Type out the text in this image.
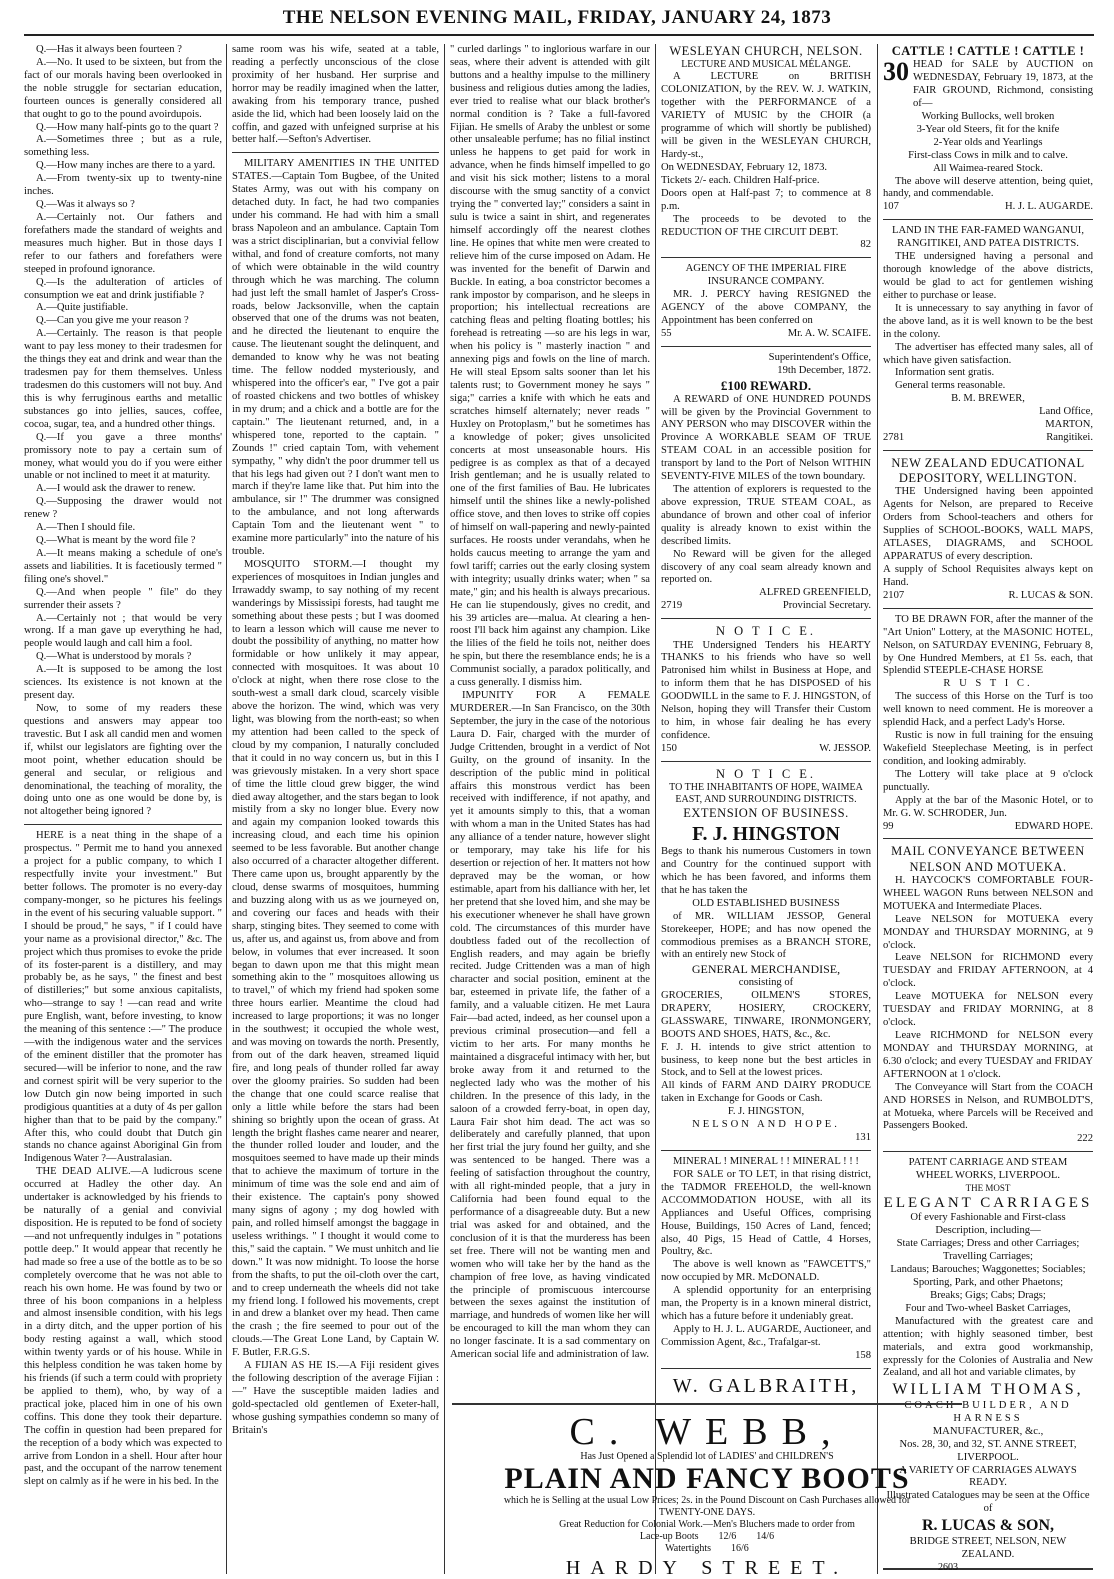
THE NELSON EVENING MAIL, FRIDAY, JANUARY 24, 1873

Q.—Has it always been fourteen ?

A.—No. It used to be sixteen, but from the fact of our morals having been overlooked in the noble struggle for sectarian education, fourteen ounces is generally considered all that ought to go to the pound avoirdupois.

Q.—How many half-pints go to the quart ?

A.—Sometimes three ; but as a rule, something less.

Q.—How many inches are there to a yard.

A.—From twenty-six up to twenty-nine inches.

Q.—Was it always so ?

A.—Certainly not. Our fathers and forefathers made the standard of weights and measures much higher. But in those days I refer to our fathers and forefathers were steeped in profound ignorance.

Q.—Is the adulteration of articles of consumption we eat and drink justifiable ?

A.—Quite justifiable.

Q.—Can you give me your reason ?

A.—Certainly. The reason is that people want to pay less money to their tradesmen for the things they eat and drink and wear than the tradesmen pay for them themselves. Unless tradesmen do this customers will not buy. And this is why ferruginous earths and metallic substances go into jellies, sauces, coffee, cocoa, sugar, tea, and a hundred other things.

Q.—If you gave a three months' promissory note to pay a certain sum of money, what would you do if you were either unable or not inclined to meet it at maturity.

A.—I would ask the drawer to renew.

Q.—Supposing the drawer would not renew ?

A.—Then I should file.

Q.—What is meant by the word file ?

A.—It means making a schedule of one's assets and liabilities. It is facetiously termed " filing one's shovel."

Q.—And when people " file" do they surrender their assets ?

A.—Certainly not ; that would be very wrong. If a man gave up everything he had, people would laugh and call him a fool.

Q.—What is understood by morals ?

A.—It is supposed to be among the lost sciences. Its existence is not known at the present day.

Now, to some of my readers these questions and answers may appear too travestic. But I ask all candid men and women if, whilst our legislators are fighting over the moot point, whether education should be general and secular, or religious and denominational, the teaching of morality, the doing unto one as one would be done by, is not altogether being ignored ?

HERE is a neat thing in the shape of a prospectus. " Permit me to hand you annexed a project for a public company, to which I respectfully invite your investment." But better follows. The promoter is no every-day company-monger, so he pictures his feelings in the event of his securing valuable support. " I should be proud," he says, " if I could have your name as a provisional director," &c. The project which thus promises to evoke the pride of its foster-parent is a distillery, and may probably be, as he says, " the finest and best of distilleries;" but some anxious capitalists, who—strange to say ! —can read and write pure English, want, before investing, to know the meaning of this sentence :—" The produce—with the indigenous water and the services of the eminent distiller that the promoter has secured—will be inferior to none, and the raw and cornest spirit will be very superior to the low Dutch gin now being imported in such prodigious quantities at a duty of 4s per gallon higher than that to be paid by the company." After this, who could doubt that Dutch gin stands no chance against Aboriginal Gin from Indigenous Water ?—Australasian.

THE DEAD ALIVE.—A ludicrous scene occurred at Hadley the other day. An undertaker is acknowledged by his friends to be naturally of a genial and convivial disposition. He is reputed to be fond of society—and not unfrequently indulges in " potations pottle deep." It would appear that recently he had made so free a use of the bottle as to be so completely overcome that he was not able to reach his own home. He was found by two or three of his boon companions in a helpless and almost insensible condition, with his legs in a dirty ditch, and the upper portion of his body resting against a wall, which stood within twenty yards or of his house. While in this helpless condition he was taken home by his friends (if such a term could with propriety be applied to them), who, by way of a practical joke, placed him in one of his own coffins. This done they took their departure. The coffin in question had been prepared for the reception of a body which was expected to arrive from London in a shell. Hour after hour past, and the occupant of the narrow tenement slept on calmly as if he were in his bed. In the

same room was his wife, seated at a table, reading a perfectly unconscious of the close proximity of her husband. Her surprise and horror may be readily imagined when the latter, awaking from his temporary trance, pushed aside the lid, which had been loosely laid on the coffin, and gazed with unfeigned surprise at his better half.—Sefton's Advertiser.

MILITARY AMENITIES IN THE UNITED STATES.—Captain Tom Bugbee, of the United States Army, was out with his company on detached duty. In fact, he had two companies under his command. He had with him a small brass Napoleon and an ambulance. Captain Tom was a strict disciplinarian, but a convivial fellow withal, and fond of creature comforts, not many of which were obtainable in the wild country through which he was marching. The column had just left the small hamlet of Jasper's Cross-roads, below Jacksonville, when the captain observed that one of the drums was not beaten, and he directed the lieutenant to enquire the cause. The lieutenant sought the delinquent, and demanded to know why he was not beating time. The fellow nodded mysteriously, and whispered into the officer's ear, " I've got a pair of roasted chickens and two bottles of whiskey in my drum; and a chick and a bottle are for the captain." The lieutenant returned, and, in a whispered tone, reported to the captain. " Zounds !" cried captain Tom, with vehement sympathy, " why didn't the poor drummer tell us that his legs had given out ? I don't want men to march if they're lame like that. Put him into the ambulance, sir !" The drummer was consigned to the ambulance, and not long afterwards Captain Tom and the lieutenant went " to examine more particularly" into the nature of his trouble.

MOSQUITO STORM.—I thought my experiences of mosquitoes in Indian jungles and Irrawaddy swamp, to say nothing of my recent wanderings by Mississipi forests, had taught me something about these pests ; but I was doomed to learn a lesson which will cause me never to doubt the possibility of anything, no matter how formidable or how unlikely it may appear, connected with mosquitoes. It was about 10 o'clock at night, when there rose close to the south-west a small dark cloud, scarcely visible above the horizon. The wind, which was very light, was blowing from the north-east; so when my attention had been called to the speck of cloud by my companion, I naturally concluded that it could in no way concern us, but in this I was grievously mistaken. In a very short space of time the little cloud grew bigger, the wind died away altogether, and the stars began to look mistily from a sky no longer blue. Every now and again my companion looked towards this increasing cloud, and each time his opinion seemed to be less favorable. But another change also occurred of a character altogether different. There came upon us, brought apparently by the cloud, dense swarms of mosquitoes, humming and buzzing along with us as we journeyed on, and covering our faces and heads with their sharp, stinging bites. They seemed to come with us, after us, and against us, from above and from below, in volumes that ever increased. It soon began to dawn upon me that this might mean something akin to the " mosquitoes allowing us to travel," of which my friend had spoken some three hours earlier. Meantime the cloud had increased to large proportions; it was no longer in the southwest; it occupied the whole west, and was moving on towards the north. Presently, from out of the dark heaven, streamed liquid fire, and long peals of thunder rolled far away over the gloomy prairies. So sudden had been the change that one could scarce realise that only a little while before the stars had been shining so brightly upon the ocean of grass. At length the bright flashes came nearer and nearer, the thunder rolled louder and louder, and the mosquitoes seemed to have made up their minds that to achieve the maximum of torture in the minimum of time was the sole end and aim of their existence. The captain's pony showed many signs of agony ; my dog howled with pain, and rolled himself amongst the baggage in useless writhings. " I thought it would come to this," said the captain. " We must unhitch and lie down." It was now midnight. To loose the horse from the shafts, to put the oil-cloth over the cart, and to creep underneath the wheels did not take my friend long. I followed his movements, crept in and drew a blanket over my head. Then came the crash ; the fire seemed to pour out of the clouds.—The Great Lone Land, by Captain W. F. Butler, F.R.G.S.

A FIJIAN AS HE IS.—A Fiji resident gives the following description of the average Fijian :—" Have the susceptible maiden ladies and gold-spectacled old gentlemen of Exeter-hall, whose gushing sympathies condemn so many of Britain's

" curled darlings " to inglorious warfare in our seas, where their advent is attended with gilt buttons and a healthy impulse to the millinery business and religious duties among the ladies, ever tried to realise what our black brother's normal condition is ? Take a full-favored Fijian. He smells of Araby the unblest or some other unsaleable perfume; has no filial instinct unless he happens to get paid for work in advance, when he finds himself impelled to go and visit his sick mother; listens to a moral discourse with the smug sanctity of a convict trying the " converted lay;" considers a saint in sulu is twice a saint in shirt, and regenerates himself accordingly off the nearest clothes line. He opines that white men were created to relieve him of the curse imposed on Adam. He was invented for the benefit of Darwin and Buckle. In eating, a boa constrictor becomes a rank impostor by comparison, and he sleeps in proportion; his intellectual recreations are catching fleas and pelting floating bottles; his forehead is retreating —so are his legs in war, when his policy is " masterly inaction " and annexing pigs and fowls on the line of march. He will steal Epsom salts sooner than let his talents rust; to Government money he says " siga;" carries a knife with which he eats and scratches himself alternately; never reads " Huxley on Protoplasm," but he sometimes has a knowledge of poker; gives unsolicited concerts at most unseasonable hours. His pedigree is as complex as that of a decayed Irish gentleman; and he is usually related to one of the first families of Bau. He lubricates himself until the shines like a newly-polished office stove, and then loves to strike off copies of himself on wall-papering and newly-painted surfaces. He roosts under verandahs, when he holds caucus meeting to arrange the yam and fowl tariff; carries out the early closing system with integrity; usually drinks water; when " sa mate," gin; and his health is always precarious. He can lie stupendously, gives no credit, and his 39 articles are—malua. At clearing a hen-roost I'll back him against any champion. Like the lilies of the field he toils not, neither does he spin, but there the resemblance ends; he is a Communist socially, a paradox politically, and a cuss generally. I dismiss him.

IMPUNITY FOR A FEMALE MURDERER.—In San Francisco, on the 30th September, the jury in the case of the notorious Laura D. Fair, charged with the murder of Judge Crittenden, brought in a verdict of Not Guilty, on the ground of insanity. In the description of the public mind in political affairs this monstrous verdict has been received with indifference, if not apathy, and yet it amounts simply to this, that a woman with whom a man in the United States has had any alliance of a tender nature, however slight or temporary, may take his life for his desertion or rejection of her. It matters not how depraved may be the woman, or how estimable, apart from his dalliance with her, let her pretend that she loved him, and she may be his executioner whenever he shall have grown cold. The circumstances of this murder have doubtless faded out of the recollection of English readers, and may again be briefly recited. Judge Crittenden was a man of high character and social position, eminent at the bar, esteemed in private life, the father of a family, and a valuable citizen. He met Laura Fair—bad acted, indeed, as her counsel upon a previous criminal prosecution—and fell a victim to her arts. For many months he maintained a disgraceful intimacy with her, but broke away from it and returned to the neglected lady who was the mother of his children. In the presence of this lady, in the saloon of a crowded ferry-boat, in open day, Laura Fair shot him dead. The act was so deliberately and carefully planned, that upon her first trial the jury found her guilty, and she was sentenced to be hanged. There was a feeling of satisfaction throughout the country, with all right-minded people, that a jury in California had been found equal to the performance of a disagreeable duty. But a new trial was asked for and obtained, and the conclusion of it is that the murderess has been set free. There will not be wanting men and women who will take her by the hand as the champion of free love, as having vindicated the principle of promiscuous intercourse between the sexes against the institution of marriage, and hundreds of women like her will be encouraged to kill the man whom they can no longer fascinate. It is a sad commentary on American social life and administration of law.

WESLEYAN CHURCH, NELSON.
LECTURE AND MUSICAL MÉLANGE.

A LECTURE on BRITISH COLONIZATION, by the REV. W. J. WATKIN, together with the PERFORMANCE of a VARIETY of MUSIC by the CHOIR (a programme of which will shortly be published) will be given in the WESLEYAN CHURCH, Hardy-st.,

On WEDNESDAY, February 12, 1873.

Tickets 2/- each. Children Half-price.

Doors open at Half-past 7; to commence at 8 p.m.

The proceeds to be devoted to the REDUCTION OF THE CIRCUIT DEBT.

82
AGENCY OF THE IMPERIAL FIRE INSURANCE COMPANY.

MR. J. PERCY having RESIGNED the AGENCY of the above COMPANY, the Appointment has been conferred on

55	Mr. A. W. SCAIFE.
Superintendent's Office,
19th December, 1872.
£100 REWARD.

A REWARD of ONE HUNDRED POUNDS will be given by the Provincial Government to ANY PERSON who may DISCOVER within the Province A WORKABLE SEAM OF TRUE STEAM COAL in an accessible position for transport by land to the Port of Nelson WITHIN SEVENTY-FIVE MILES of the town boundary.

The attention of explorers is requested to the above expression, TRUE STEAM COAL, as abundance of brown and other coal of inferior quality is already known to exist within the described limits.

No Reward will be given for the alleged discovery of any coal seam already known and reported on.

ALFRED GREENFIELD,
2719	Provincial Secretary.
N O T I C E.

THE Undersigned Tenders his HEARTY THANKS to his friends who have so well Patronised him whilst in Business at Hope, and to inform them that he has DISPOSED of his GOODWILL in the same to F. J. HINGSTON, of Nelson, hoping they will Transfer their Custom to him, in whose fair dealing he has every confidence.

150	W. JESSOP.
N O T I C E.
TO THE INHABITANTS OF HOPE, WAIMEA EAST, AND SURROUNDING DISTRICTS.
EXTENSION OF BUSINESS.
F. J. HINGSTON

Begs to thank his numerous Customers in town and Country for the continued support with which he has been favored, and informs them that he has taken the

OLD ESTABLISHED BUSINESS

of MR. WILLIAM JESSOP, General Storekeeper, HOPE; and has now opened the commodious premises as a BRANCH STORE, with an entirely new Stock of

GENERAL MERCHANDISE,
consisting of

GROCERIES, OILMEN'S STORES, DRAPERY, HOSIERY, CROCKERY, GLASSWARE, TINWARE, IRONMONGERY, BOOTS AND SHOES, HATS, &c., &c.

F. J. H. intends to give strict attention to business, to keep none but the best articles in Stock, and to Sell at the lowest prices.

All kinds of FARM AND DAIRY PRODUCE taken in Exchange for Goods or Cash.

F. J. HINGSTON,
NELSON AND HOPE.
131
MINERAL ! MINERAL ! ! MINERAL ! ! !

FOR SALE or TO LET, in that rising district, the TADMOR FREEHOLD, the well-known ACCOMMODATION HOUSE, with all its Appliances and Useful Offices, comprising House, Buildings, 150 Acres of Land, fenced; also, 40 Pigs, 15 Head of Cattle, 4 Horses, Poultry, &c.

The above is well known as "FAWCETT'S," now occupied by MR. McDONALD.

A splendid opportunity for an enterprising man, the Property is in a known mineral district, which has a future before it undeniably great.

Apply to H. J. L. AUGARDE, Auctioneer, and Commission Agent, &c., Trafalgar-st.

158
W. GALBRAITH,

CATTLE ! CATTLE ! CATTLE !
30 HEAD for SALE by AUCTION on WEDNESDAY, February 19, 1873, at the FAIR GROUND, Richmond, consisting of—

Working Bullocks, well broken
3-Year old Steers, fit for the knife
2-Year olds and Yearlings
First-class Cows in milk and to calve.
All Waimea-reared Stock.

The above will deserve attention, being quiet, handy, and commendable.

107	H. J. L. AUGARDE.
LAND IN THE FAR-FAMED WANGANUI, RANGITIKEI, AND PATEA DISTRICTS.

THE undersigned having a personal and thorough knowledge of the above districts, would be glad to act for gentlemen wishing either to purchase or lease.

It is unnecessary to say anything in favor of the above land, as it is well known to be the best in the colony.

The advertiser has effected many sales, all of which have given satisfaction.

Information sent gratis.

General terms reasonable.

B. M. BREWER,
Land Office,
MARTON,
2781	Rangitikei.
NEW ZEALAND EDUCATIONAL DEPOSITORY, WELLINGTON.

THE Undersigned having been appointed Agents for Nelson, are prepared to Receive Orders from School-teachers and others for Supplies of SCHOOL-BOOKS, WALL MAPS, ATLASES, DIAGRAMS, and SCHOOL APPARATUS of every description.

A supply of School Requisites always kept on Hand.

2107	R. LUCAS & SON.

TO BE DRAWN FOR, after the manner of the "Art Union" Lottery, at the MASONIC HOTEL, Nelson, on SATURDAY EVENING, February 8, by One Hundred Members, at £1 5s. each, that Splendid STEEPLE-CHASE HORSE

R U S T I C.

The success of this Horse on the Turf is too well known to need comment. He is moreover a splendid Hack, and a perfect Lady's Horse.

Rustic is now in full training for the ensuing Wakefield Steeplechase Meeting, is in perfect condition, and looking admirably.

The Lottery will take place at 9 o'clock punctually.

Apply at the bar of the Masonic Hotel, or to Mr. G. W. SCHRODER, Jun.

99	EDWARD HOPE.
MAIL CONVEYANCE BETWEEN NELSON AND MOTUEKA.

H. HAYCOCK'S COMFORTABLE FOUR-WHEEL WAGON Runs between NELSON and MOTUEKA and Intermediate Places.

Leave NELSON for MOTUEKA every MONDAY and THURSDAY MORNING, at 9 o'clock.

Leave NELSON for RICHMOND every TUESDAY and FRIDAY AFTERNOON, at 4 o'clock.

Leave MOTUEKA for NELSON every TUESDAY and FRIDAY MORNING, at 8 o'clock.

Leave RICHMOND for NELSON every MONDAY and THURSDAY MORNING, at 6.30 o'clock; and every TUESDAY and FRIDAY AFTERNOON at 1 o'clock.

The Conveyance will Start from the COACH AND HORSES in Nelson, and RUMBOLDT'S, at Motueka, where Parcels will be Received and Passengers Booked.

222
PATENT CARRIAGE AND STEAM
WHEEL WORKS, LIVERPOOL.
THE MOST
ELEGANT CARRIAGES
Of every Fashionable and First-class Description, including—
State Carriages; Dress and other Carriages;
Travelling Carriages;
Landaus; Barouches; Waggonettes; Sociables;
Sporting, Park, and other Phaetons;
Breaks; Gigs; Cabs; Drags;
Four and Two-wheel Basket Carriages,

Manufactured with the greatest care and attention; with highly seasoned timber, best materials, and extra good workmanship, expressly for the Colonies of Australia and New Zealand, and all hot and variable climates, by

WILLIAM THOMAS,
COACH BUILDER, AND HARNESS
MANUFACTURER, &c.,
Nos. 28, 30, and 32, ST. ANNE STREET,
LIVERPOOL.
A VARIETY OF CARRIAGES ALWAYS READY.
Illustrated Catalogues may be seen at the Office of
R. LUCAS & SON,
BRIDGE STREET, NELSON, NEW ZEALAND.

C. WEBB,
Has Just Opened a Splendid lot of LADIES' and CHILDREN'S
PLAIN AND FANCY BOOTS
which he is Selling at the usual Low Prices; 2s. in the Pound Discount on Cash Purchases allowed for TWENTY-ONE DAYS.
Great Reduction for Colonial Work.—Men's Bluchers made to order from
Lace-up Boots 12/6 14/6
Watertights 16/6
HARDY STREET.	2603
